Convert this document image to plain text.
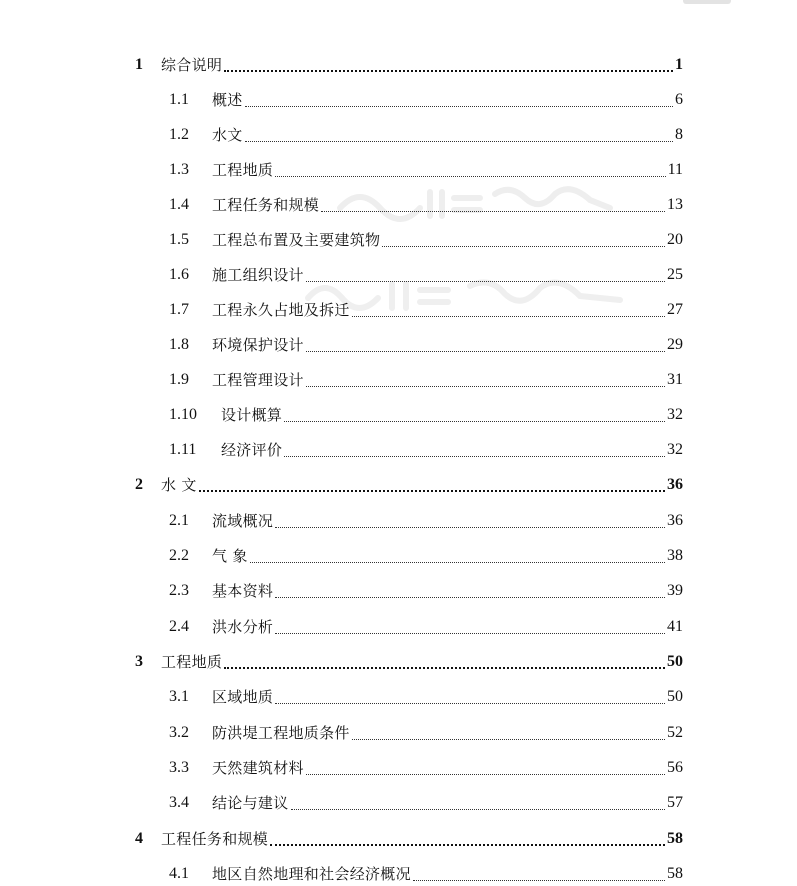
1	综合说明	1
1.1	概述	6
1.2	水文	8
1.3	工程地质	11
1.4	工程任务和规模	13
1.5	工程总布置及主要建筑物	20
1.6	施工组织设计	25
1.7	工程永久占地及拆迁	27
1.8	环境保护设计	29
1.9	工程管理设计	31
1.10	设计概算	32
1.11	经济评价	32
2	水 文	36
2.1	流域概况	36
2.2	气 象	38
2.3	基本资料	39
2.4	洪水分析	41
3	工程地质	50
3.1	区域地质	50
3.2	防洪堤工程地质条件	52
3.3	天然建筑材料	56
3.4	结论与建议	57
4	工程任务和规模	58
4.1	地区自然地理和社会经济概况	58
